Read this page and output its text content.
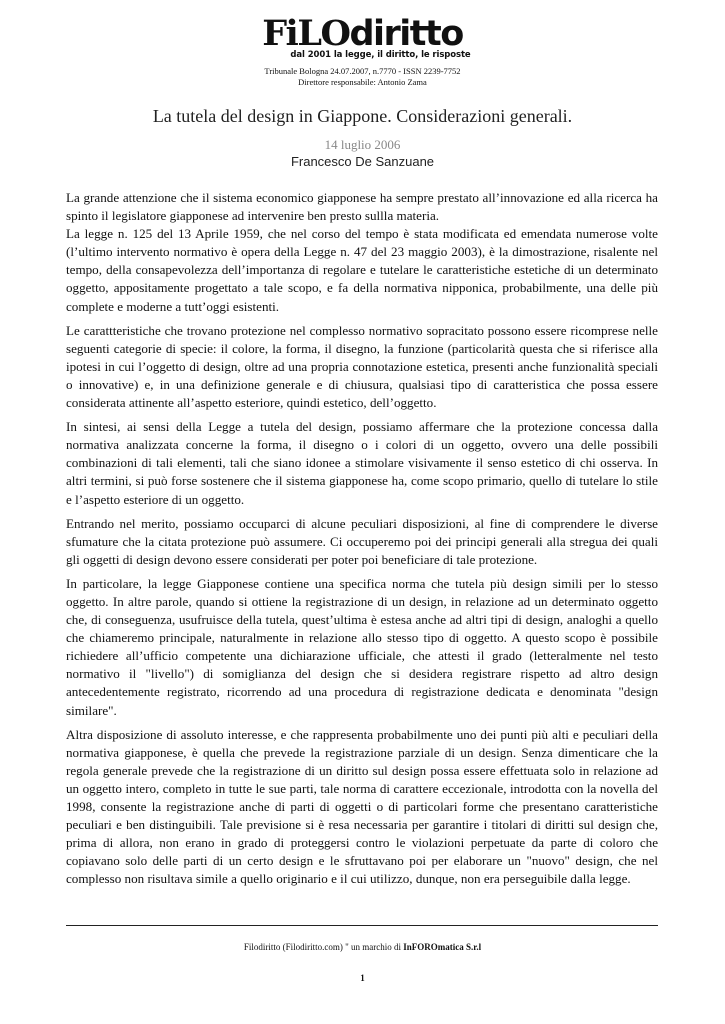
FiLOdiritto
dal 2001 la legge, il diritto, le risposte
Tribunale Bologna 24.07.2007, n.7770 - ISSN 2239-7752
Direttore responsabile: Antonio Zama
La tutela del design in Giappone. Considerazioni generali.
14 luglio 2006
Francesco De Sanzuane

La grande attenzione che il sistema economico giapponese ha sempre prestato all’innovazione ed alla ricerca ha spinto il legislatore giapponese ad intervenire ben presto sullla materia.
La legge n. 125 del 13 Aprile 1959, che nel corso del tempo è stata modificata ed emendata numerose volte (l’ultimo intervento normativo è opera della Legge n. 47 del 23 maggio 2003), è la dimostrazione, risalente nel tempo, della consapevolezza dell’importanza di regolare e tutelare le caratteristiche estetiche di un determinato oggetto, appositamente progettato a tale scopo, e fa della normativa nipponica, probabilmente, una delle più complete e moderne a tutt’oggi esistenti.

Le carattteristiche che trovano protezione nel complesso normativo sopracitato possono essere ricomprese nelle seguenti categorie di specie: il colore, la forma, il disegno, la funzione (particolarità questa che si riferisce alla ipotesi in cui l’oggetto di design, oltre ad una propria connotazione estetica, presenti anche funzionalità speciali o innovative) e, in una definizione generale e di chiusura, qualsiasi tipo di caratteristica che possa essere considerata attinente all’aspetto esteriore, quindi estetico, dell’oggetto.

In sintesi, ai sensi della Legge a tutela del design, possiamo affermare che la protezione concessa dalla normativa analizzata concerne la forma, il disegno o i colori di un oggetto, ovvero una delle possibili combinazioni di tali elementi, tali che siano idonee a stimolare visivamente il senso estetico di chi osserva. In altri termini, si può forse sostenere che il sistema giapponese ha, come scopo primario, quello di tutelare lo stile e l’aspetto esteriore di un oggetto.

Entrando nel merito, possiamo occuparci di alcune peculiari disposizioni, al fine di comprendere le diverse sfumature che la citata protezione può assumere. Ci occuperemo poi dei principi generali alla stregua dei quali gli oggetti di design devono essere considerati per poter poi beneficiare di tale protezione.

In particolare, la legge Giapponese contiene una specifica norma che tutela più design simili per lo stesso oggetto. In altre parole, quando si ottiene la registrazione di un design, in relazione ad un determinato oggetto che, di conseguenza, usufruisce della tutela, quest’ultima è estesa anche ad altri tipi di design, analoghi a quello che chiameremo principale, naturalmente in relazione allo stesso tipo di oggetto. A questo scopo è possibile richiedere all’ufficio competente una dichiarazione ufficiale, che attesti il grado (letteralmente nel testo normativo il "livello") di somiglianza del design che si desidera registrare rispetto ad altro design antecedentemente registrato, ricorrendo ad una procedura di registrazione dedicata e denominata "design similare".

Altra disposizione di assoluto interesse, e che rappresenta probabilmente uno dei punti più alti e peculiari della normativa giapponese, è quella che prevede la registrazione parziale di un design. Senza dimenticare che la regola generale prevede che la registrazione di un diritto sul design possa essere effettuata solo in relazione ad un oggetto intero, completo in tutte le sue parti, tale norma di carattere eccezionale, introdotta con la novella del 1998, consente la registrazione anche di parti di oggetti o di particolari forme che presentano caratteristiche peculiari e ben distinguibili. Tale previsione si è resa necessaria per garantire i titolari di diritti sul design che, prima di allora, non erano in grado di proteggersi contro le violazioni perpetuate da parte di coloro che copiavano solo delle parti di un certo design e le sfruttavano poi per elaborare un "nuovo" design, che nel complesso non risultava simile a quello originario e il cui utilizzo, dunque, non era perseguibile dalla legge.

Filodiritto (Filodiritto.com) " un marchio di InFOROmatica S.r.l
1
